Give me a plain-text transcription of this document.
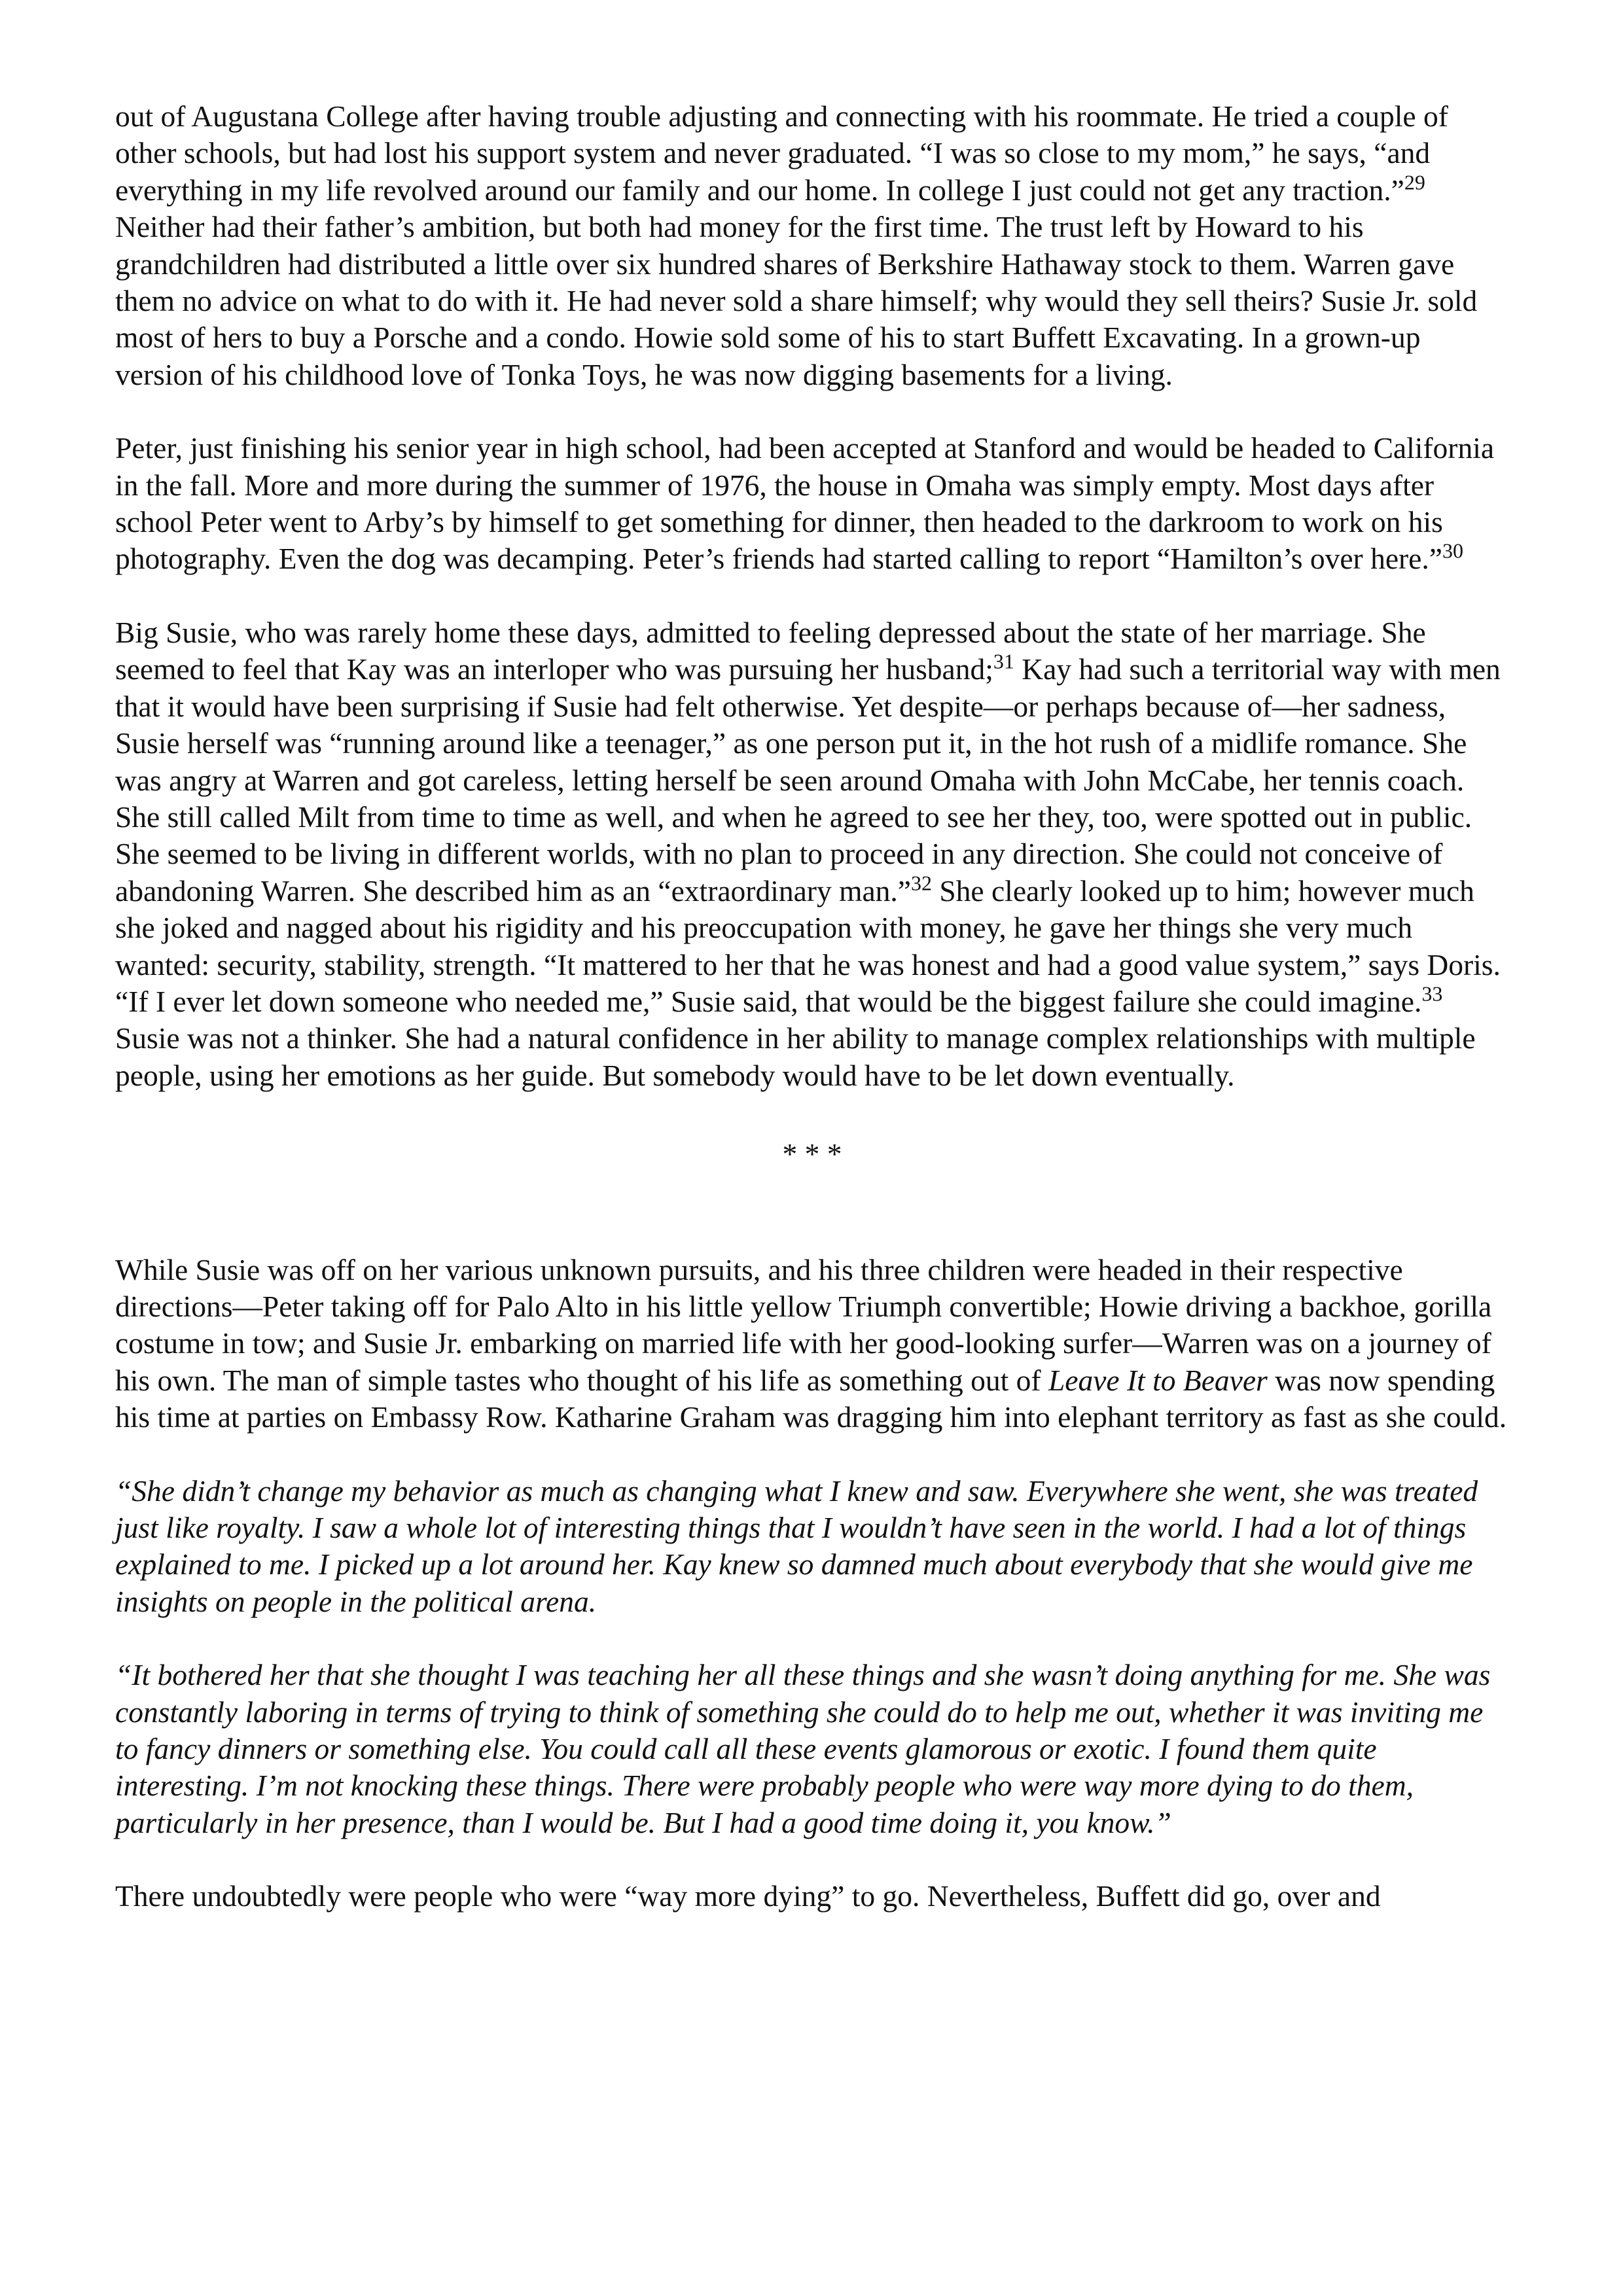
out of Augustana College after having trouble adjusting and connecting with his roommate. He tried a couple of other schools, but had lost his support system and never graduated. “I was so close to my mom,” he says, “and everything in my life revolved around our family and our home. In college I just could not get any traction.”$^{29}$ Neither had their father’s ambition, but both had money for the first time. The trust left by Howard to his grandchildren had distributed a little over six hundred shares of Berkshire Hathaway stock to them. Warren gave them no advice on what to do with it. He had never sold a share himself; why would they sell theirs? Susie Jr. sold most of hers to buy a Porsche and a condo. Howie sold some of his to start Buffett Excavating. In a grown-up version of his childhood love of Tonka Toys, he was now digging basements for a living.

Peter, just finishing his senior year in high school, had been accepted at Stanford and would be headed to California in the fall. More and more during the summer of 1976, the house in Omaha was simply empty. Most days after school Peter went to Arby’s by himself to get something for dinner, then headed to the darkroom to work on his photography. Even the dog was decamping. Peter’s friends had started calling to report “Hamilton’s over here.”$^{30}$

Big Susie, who was rarely home these days, admitted to feeling depressed about the state of her marriage. She seemed to feel that Kay was an interloper who was pursuing her husband;$^{31}$ Kay had such a territorial way with men that it would have been surprising if Susie had felt otherwise. Yet despite—or perhaps because of—her sadness, Susie herself was “running around like a teenager,” as one person put it, in the hot rush of a midlife romance. She was angry at Warren and got careless, letting herself be seen around Omaha with John McCabe, her tennis coach. She still called Milt from time to time as well, and when he agreed to see her they, too, were spotted out in public. She seemed to be living in different worlds, with no plan to proceed in any direction. She could not conceive of abandoning Warren. She described him as an “extraordinary man.”$^{32}$ She clearly looked up to him; however much she joked and nagged about his rigidity and his preoccupation with money, he gave her things she very much wanted: security, stability, strength. “It mattered to her that he was honest and had a good value system,” says Doris. “If I ever let down someone who needed me,” Susie said, that would be the biggest failure she could imagine.$^{33}$ Susie was not a thinker. She had a natural confidence in her ability to manage complex relationships with multiple people, using her emotions as her guide. But somebody would have to be let down eventually.

* * *

While Susie was off on her various unknown pursuits, and his three children were headed in their respective directions—Peter taking off for Palo Alto in his little yellow Triumph convertible; Howie driving a backhoe, gorilla costume in tow; and Susie Jr. embarking on married life with her good-looking surfer—Warren was on a journey of his own. The man of simple tastes who thought of his life as something out of Leave It to Beaver was now spending his time at parties on Embassy Row. Katharine Graham was dragging him into elephant territory as fast as she could.

“She didn’t change my behavior as much as changing what I knew and saw. Everywhere she went, she was treated just like royalty. I saw a whole lot of interesting things that I wouldn’t have seen in the world. I had a lot of things explained to me. I picked up a lot around her. Kay knew so damned much about everybody that she would give me insights on people in the political arena.

“It bothered her that she thought I was teaching her all these things and she wasn’t doing anything for me. She was constantly laboring in terms of trying to think of something she could do to help me out, whether it was inviting me to fancy dinners or something else. You could call all these events glamorous or exotic. I found them quite interesting. I’m not knocking these things. There were probably people who were way more dying to do them, particularly in her presence, than I would be. But I had a good time doing it, you know.”

There undoubtedly were people who were “way more dying” to go. Nevertheless, Buffett did go, over and
